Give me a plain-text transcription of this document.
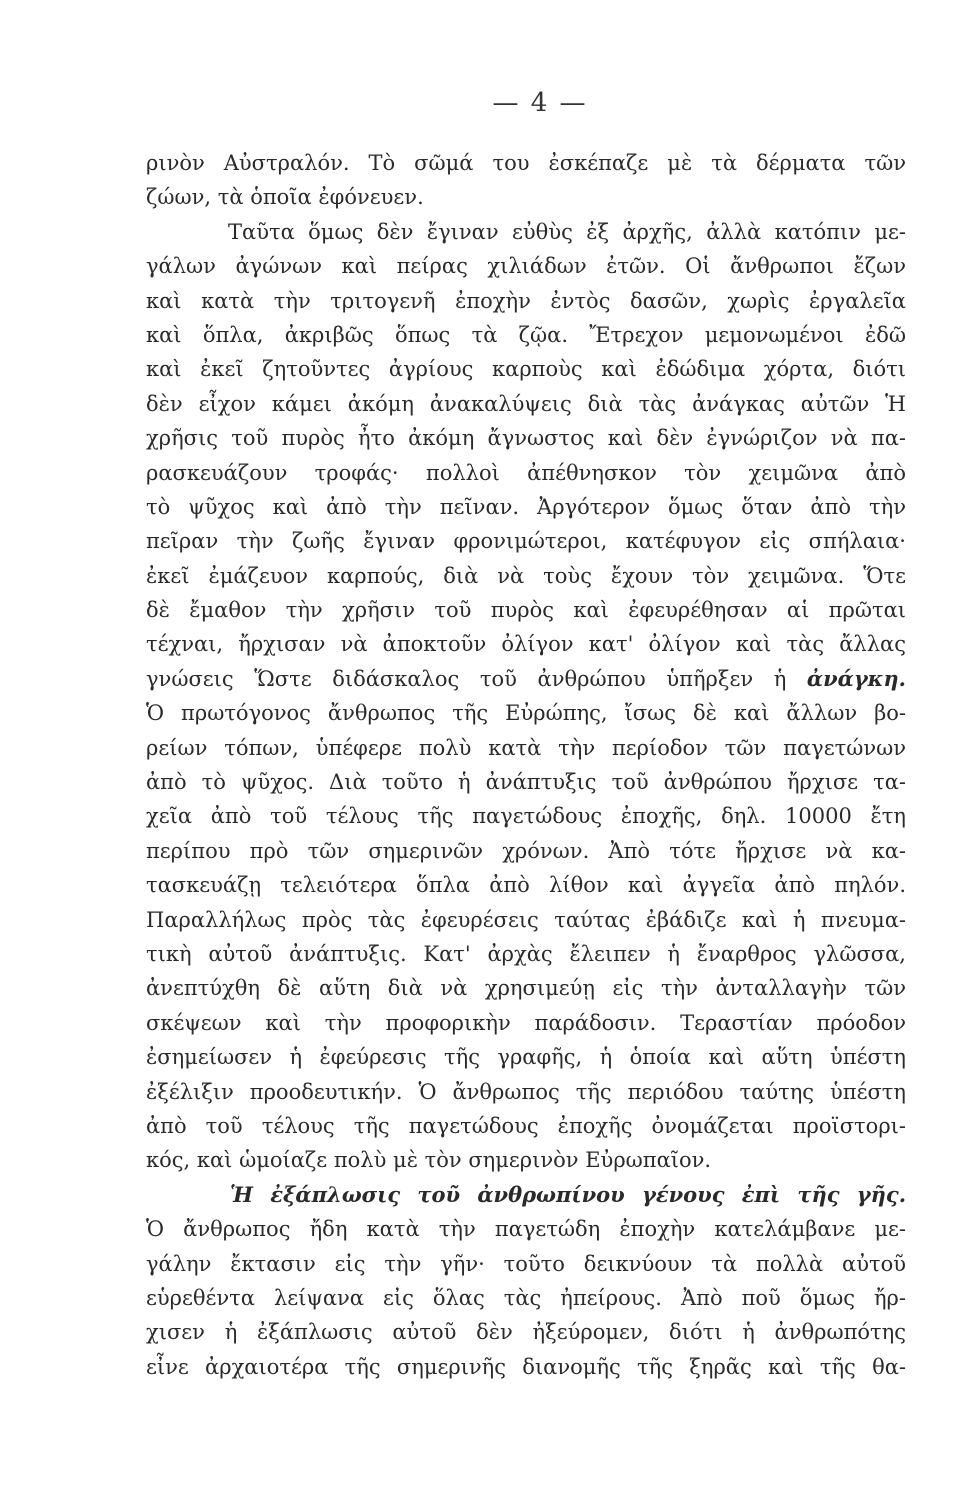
— 4 —
ρινὸν Αὐστραλόν. Τὸ σῶμά του ἐσκέπαζε μὲ τὰ δέρματα τῶν
ζώων, τὰ ὁποῖα ἐφόνευεν.
Ταῦτα ὅμως δὲν ἔγιναν εὐθὺς ἐξ ἀρχῆς, ἀλλὰ κατόπιν με-
γάλων ἀγώνων καὶ πείρας χιλιάδων ἐτῶν. Οἱ ἄνθρωποι ἔζων
καὶ κατὰ τὴν τριτογενῆ ἐποχὴν ἐντὸς δασῶν, χωρὶς ἐργαλεῖα
καὶ ὅπλα, ἀκριβῶς ὅπως τὰ ζῷα. Ἔτρεχον μεμονωμένοι ἐδῶ
καὶ ἐκεῖ ζητοῦντες ἀγρίους καρποὺς καὶ ἐδώδιμα χόρτα, διότι
δὲν εἶχον κάμει ἀκόμη ἀνακαλύψεις διὰ τὰς ἀνάγκας αὐτῶν Ἡ
χρῆσις τοῦ πυρὸς ἦτο ἀκόμη ἄγνωστος καὶ δὲν ἐγνώριζον νὰ πα-
ρασκευάζουν τροφάς· πολλοὶ ἀπέθνησκον τὸν χειμῶνα ἀπὸ
τὸ ψῦχος καὶ ἀπὸ τὴν πεῖναν. Ἀργότερον ὅμως ὅταν ἀπὸ τὴν
πεῖραν τὴν ζωῆς ἔγιναν φρονιμώτεροι, κατέφυγον εἰς σπήλαια·
ἐκεῖ ἐμάζευον καρπούς, διὰ νὰ τοὺς ἔχουν τὸν χειμῶνα. Ὅτε
δὲ ἔμαθον τὴν χρῆσιν τοῦ πυρὸς καὶ ἐφευρέθησαν αἱ πρῶται
τέχναι, ἤρχισαν νὰ ἀποκτοῦν ὀλίγον κατ' ὀλίγον καὶ τὰς ἄλλας
γνώσεις Ὥστε διδάσκαλος τοῦ ἀνθρώπου ὑπῆρξεν ἡ ἀνάγκη.
Ὁ πρωτόγονος ἄνθρωπος τῆς Εὐρώπης, ἴσως δὲ καὶ ἄλλων βο-
ρείων τόπων, ὑπέφερε πολὺ κατὰ τὴν περίοδον τῶν παγετώνων
ἀπὸ τὸ ψῦχος. Διὰ τοῦτο ἡ ἀνάπτυξις τοῦ ἀνθρώπου ἤρχισε τα-
χεῖα ἀπὸ τοῦ τέλους τῆς παγετώδους ἐποχῆς, δηλ. 10000 ἔτη
περίπου πρὸ τῶν σημερινῶν χρόνων. Ἀπὸ τότε ἤρχισε νὰ κα-
τασκευάζῃ τελειότερα ὅπλα ἀπὸ λίθον καὶ ἀγγεῖα ἀπὸ πηλόν.
Παραλλήλως πρὸς τὰς ἐφευρέσεις ταύτας ἐβάδιζε καὶ ἡ πνευμα-
τικὴ αὐτοῦ ἀνάπτυξις. Κατ' ἀρχὰς ἔλειπεν ἡ ἔναρθρος γλῶσσα,
ἀνεπτύχθη δὲ αὕτη διὰ νὰ χρησιμεύῃ εἰς τὴν ἀνταλλαγὴν τῶν
σκέψεων καὶ τὴν προφορικὴν παράδοσιν. Τεραστίαν πρόοδον
ἐσημείωσεν ἡ ἐφεύρεσις τῆς γραφῆς, ἡ ὁποία καὶ αὕτη ὑπέστη
ἐξέλιξιν προοδευτικήν. Ὁ ἄνθρωπος τῆς περιόδου ταύτης ὑπέστη
ἀπὸ τοῦ τέλους τῆς παγετώδους ἐποχῆς ὀνομάζεται προϊστορι-
κός, καὶ ὡμοίαζε πολὺ μὲ τὸν σημερινὸν Εὐρωπαῖον.
Ἡ ἐξάπλωσις τοῦ ἀνθρωπίνου γένους ἐπὶ τῆς γῆς.
Ὁ ἄνθρωπος ἤδη κατὰ τὴν παγετώδη ἐποχὴν κατελάμβανε με-
γάλην ἔκτασιν εἰς τὴν γῆν· τοῦτο δεικνύουν τὰ πολλὰ αὐτοῦ
εὑρεθέντα λείψανα εἰς ὅλας τὰς ἠπείρους. Ἀπὸ ποῦ ὅμως ἤρ-
χισεν ἡ ἐξάπλωσις αὐτοῦ δὲν ἠξεύρομεν, διότι ἡ ἀνθρωπότης
εἶνε ἀρχαιοτέρα τῆς σημερινῆς διανομῆς τῆς ξηρᾶς καὶ τῆς θα-
